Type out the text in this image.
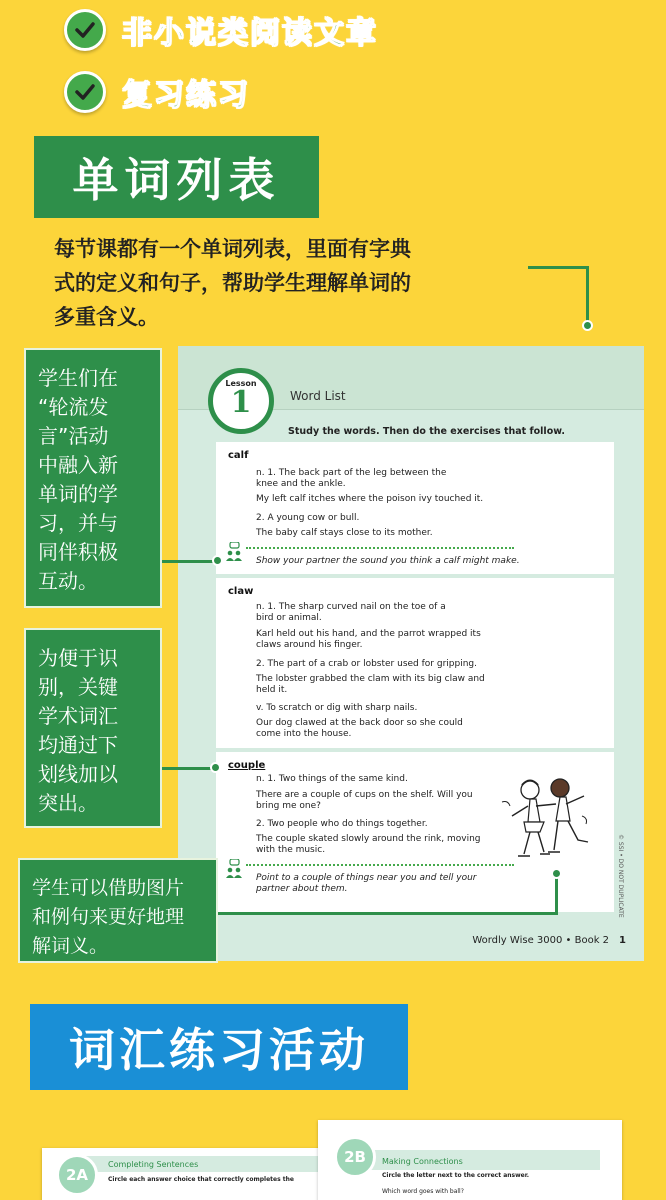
非小说类阅读文章
复习练习
单词列表
每节课都有一个单词列表，里面有字典
式的定义和句子，帮助学生理解单词的
多重含义。
Lesson
1	Word List
Study the words. Then do the exercises that follow.
calf
n. 1. The back part of the leg between the
knee and the ankle.
My left calf itches where the poison ivy touched it.
2. A young cow or bull.
The baby calf stays close to its mother.
Show your partner the sound you think a calf might make.
claw
n. 1. The sharp curved nail on the toe of a
bird or animal.
Karl held out his hand, and the parrot wrapped its
claws around his finger.
2. The part of a crab or lobster used for gripping.
The lobster grabbed the clam with its big claw and
held it.
v. To scratch or dig with sharp nails.
Our dog clawed at the back door so she could
come into the house.
couple
n. 1. Two things of the same kind.
There are a couple of cups on the shelf. Will you
bring me one?
2. Two people who do things together.
The couple skated slowly around the rink, moving
with the music.
Point to a couple of things near you and tell your
partner about them.	© SSI • DO NOT DUPLICATE
Wordly Wise 3000 • Book 2 1
学生们在
“轮流发
言”活动
中融入新
单词的学
习，并与
同伴积极
互动。
为便于识
别，关键
学术词汇
均通过下
划线加以
突出。
学生可以借助图片
和例句来更好地理
解词义。
词汇练习活动
2A
Completing Sentences
Circle each answer choice that correctly completes the
2B	Making Connections
Circle the letter next to the correct answer.
Which word goes with ball?
